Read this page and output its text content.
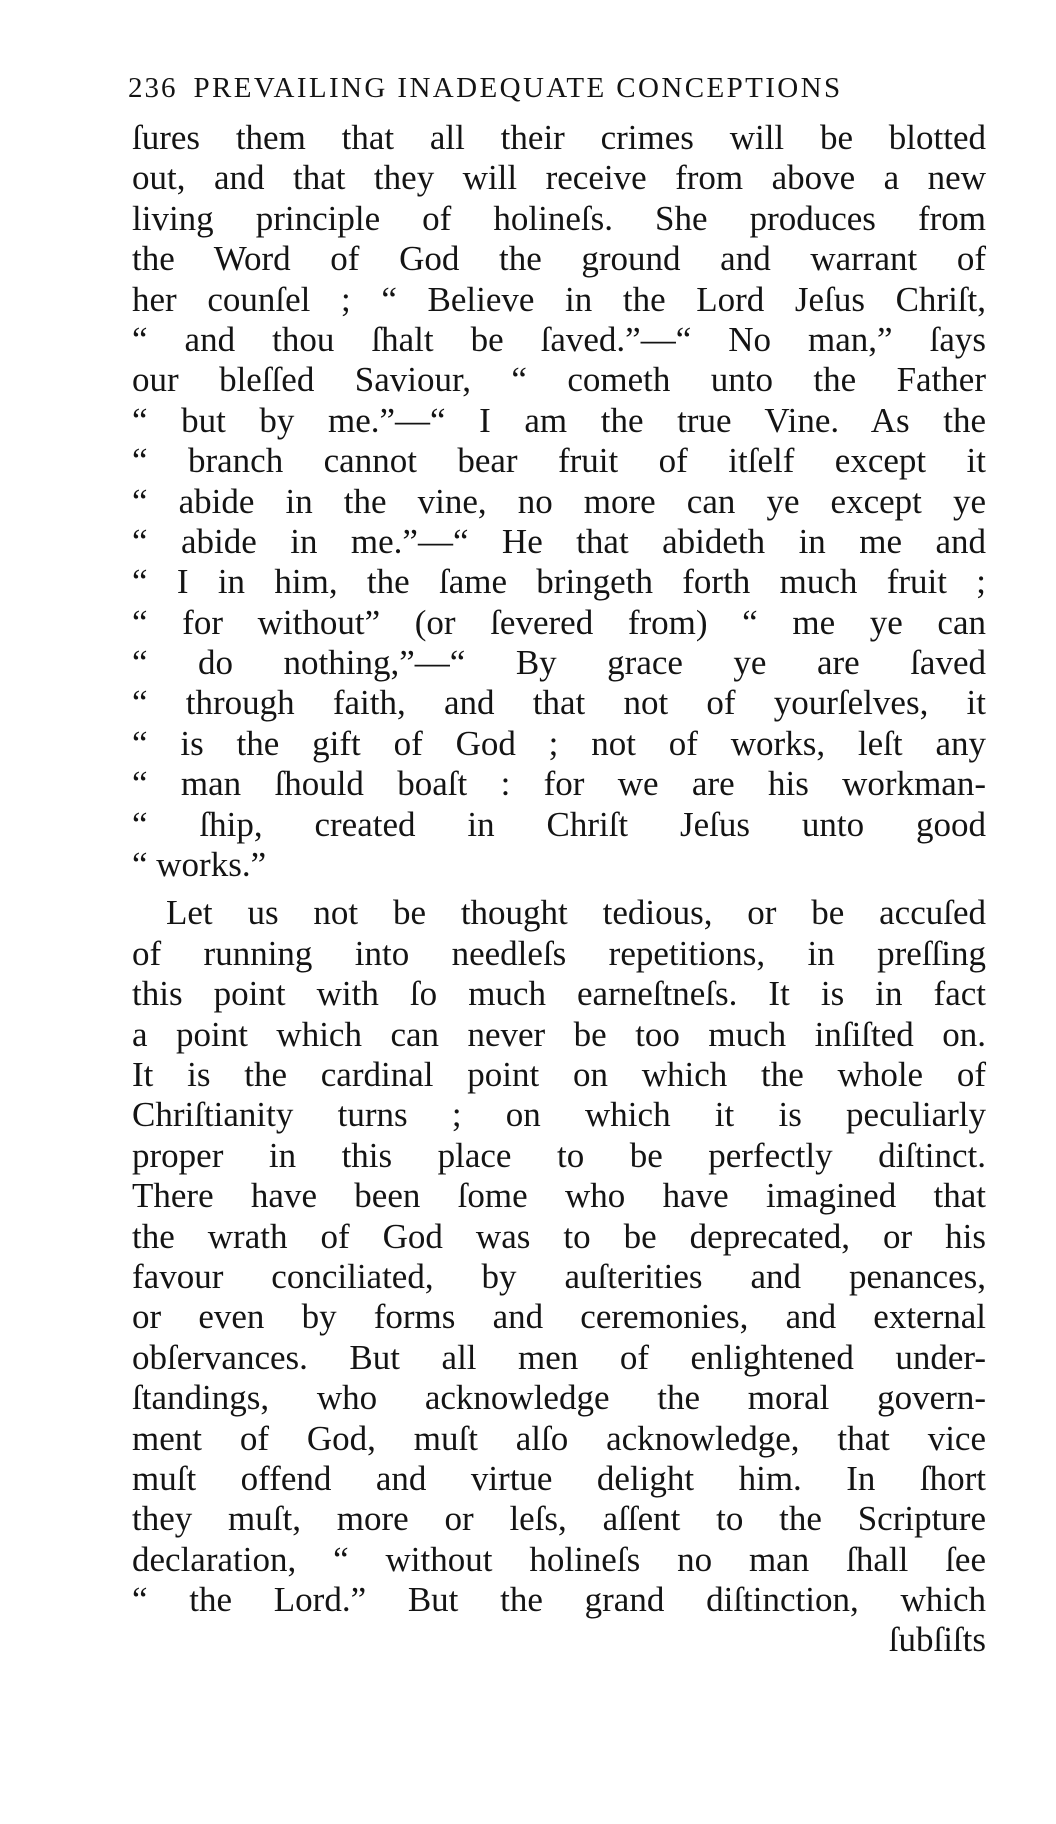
236 PREVAILING INADEQUATE CONCEPTIONS
ſures them that all their crimes will be blotted
out, and that they will receive from above a new
living principle of holineſs. She produces from
the Word of God the ground and warrant of
her counſel ; “ Believe in the Lord Jeſus Chriſt,
“ and thou ſhalt be ſaved.”—“ No man,” ſays
our bleſſed Saviour, “ cometh unto the Father
“ but by me.”—“ I am the true Vine. As the
“ branch cannot bear fruit of itſelf except it
“ abide in the vine, no more can ye except ye
“ abide in me.”—“ He that abideth in me and
“ I in him, the ſame bringeth forth much fruit ;
“ for without” (or ſevered from) “ me ye can
“ do nothing,”—“ By grace ye are ſaved
“ through faith, and that not of yourſelves, it
“ is the gift of God ; not of works, leſt any
“ man ſhould boaſt : for we are his workman-
“ ſhip, created in Chriſt Jeſus unto good
“ works.”
Let us not be thought tedious, or be accuſed
of running into needleſs repetitions, in preſſing
this point with ſo much earneſtneſs. It is in fact
a point which can never be too much inſiſted on.
It is the cardinal point on which the whole of
Chriſtianity turns ; on which it is peculiarly
proper in this place to be perfectly diſtinct.
There have been ſome who have imagined that
the wrath of God was to be deprecated, or his
favour conciliated, by auſterities and penances,
or even by forms and ceremonies, and external
obſervances. But all men of enlightened under-
ſtandings, who acknowledge the moral govern-
ment of God, muſt alſo acknowledge, that vice
muſt offend and virtue delight him. In ſhort
they muſt, more or leſs, aſſent to the Scripture
declaration, “ without holineſs no man ſhall ſee
“ the Lord.” But the grand diſtinction, which
ſubſiſts
